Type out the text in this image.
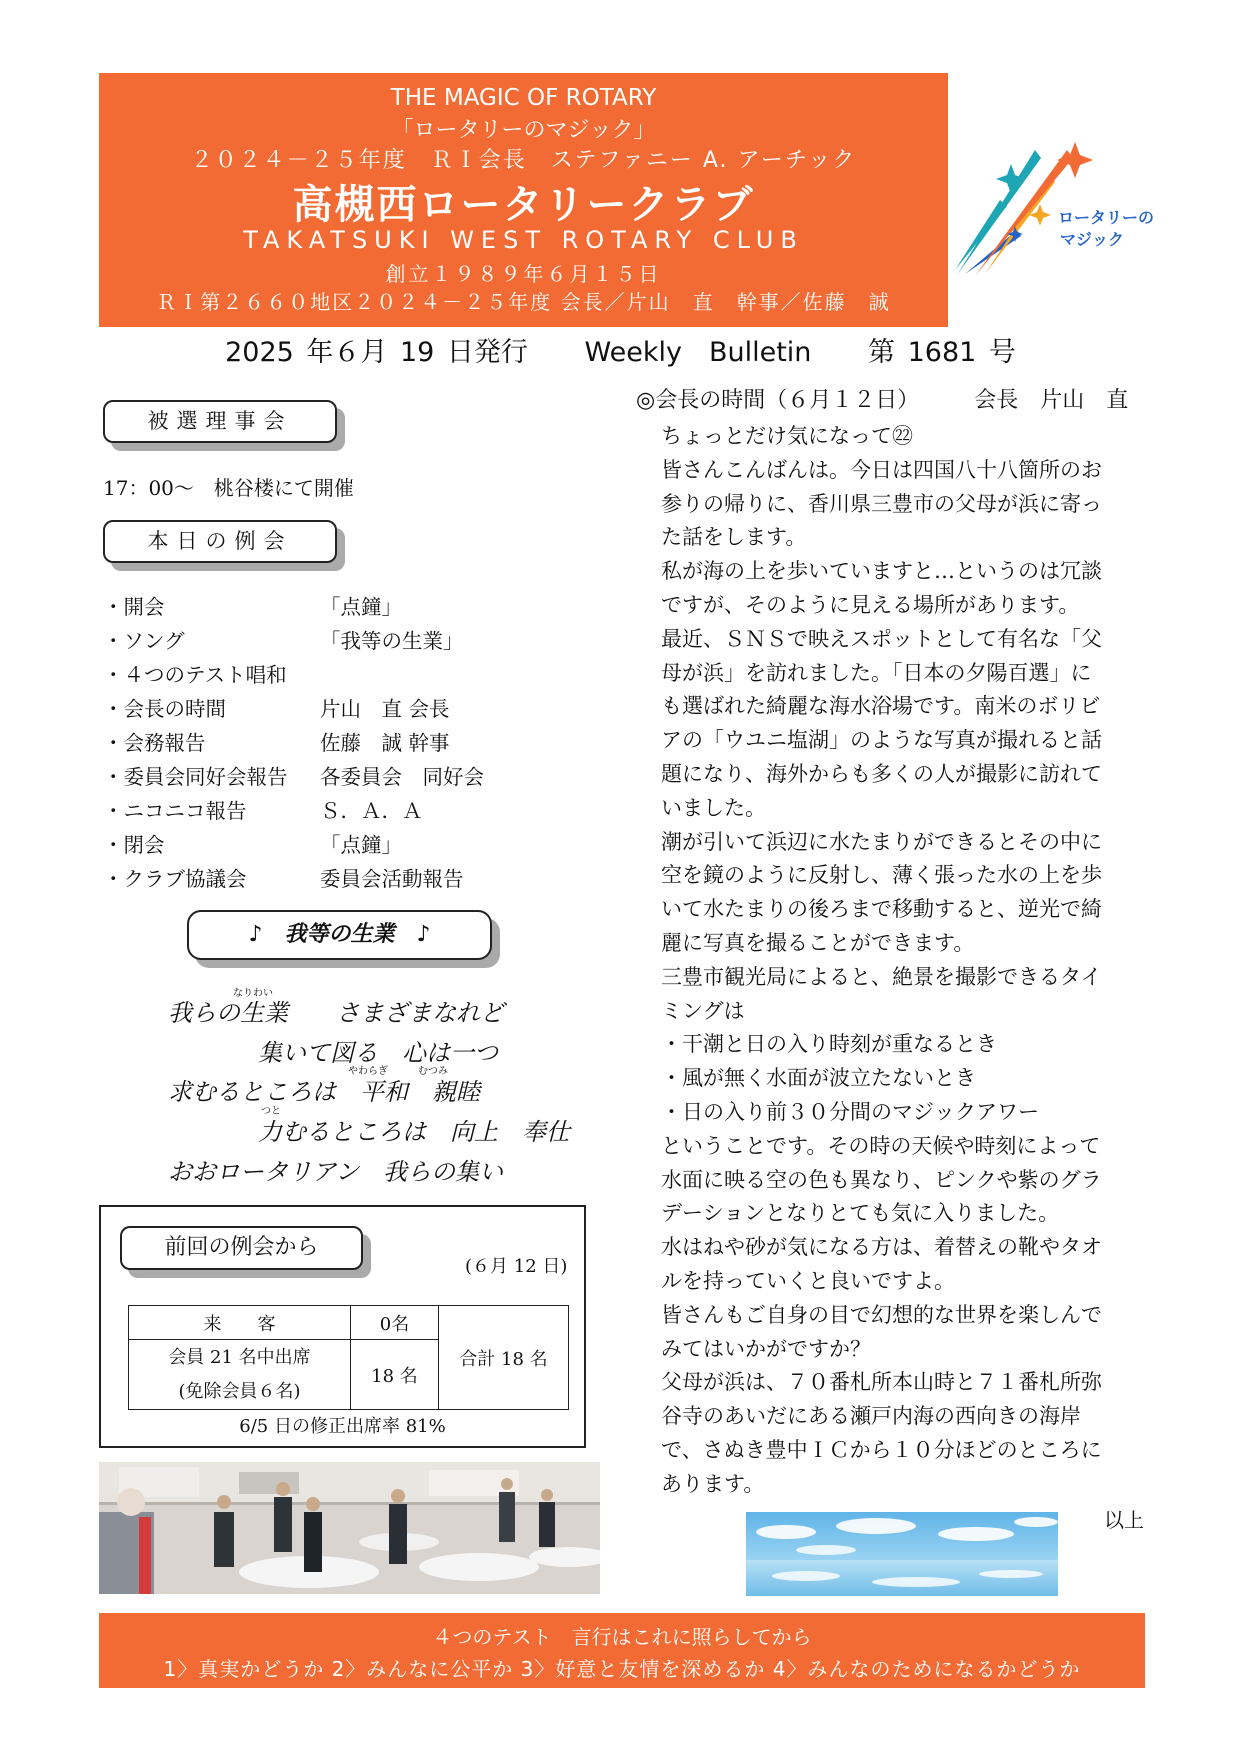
THE MAGIC OF ROTARY
「ロータリーのマジック」
２０２４－２５年度　ＲＩ会長　ステファニー A. アーチック
高槻西ロータリークラブ
TAKATSUKI WEST ROTARY CLUB
創立１９８９年６月１５日
ＲＩ第２６６０地区２０２４－２５年度 会長／片山　直　幹事／佐藤　誠
ロータリーの
マジック
2025 年６月 19 日発行 Weekly　Bulletin 第 1681 号
被選理事会
17：00～　桃谷楼にて開催
本日の例会
・開会	「点鐘」
・ソング	「我等の生業」
・４つのテスト唱和
・会長の時間	片山　直 会長
・会務報告	佐藤　誠 幹事
・委員会同好会報告 各委員会　同好会
・ニコニコ報告	Ｓ．Ａ．Ａ
・閉会	「点鐘」
・クラブ協議会	委員会活動報告
♪　我等の生業　♪
なりわい
我らの生業　　さまざまなれど
集いて図る　心は一つ
やわらぎ	むつみ
求むるところは　平和　親睦
つと
力むるところは　向上　奉仕
おおロータリアン　我らの集い
前回の例会から
(６月 12 日)
来　　客	0名	合計 18 名

会員 21 名中出席
(免除会員６名)	18 名	
6/5 日の修正出席率 81%
◎会長の時間（６月１２日）　　　会長　片山　直
ちょっとだけ気になって㉒
皆さんこんばんは。今日は四国八十八箇所のお
参りの帰りに、香川県三豊市の父母が浜に寄っ
た話をします。
私が海の上を歩いていますと…というのは冗談
ですが、そのように見える場所があります。
最近、ＳＮＳで映えスポットとして有名な「父
母が浜」を訪れました。「日本の夕陽百選」に
も選ばれた綺麗な海水浴場です。南米のボリビ
アの「ウユニ塩湖」のような写真が撮れると話
題になり、海外からも多くの人が撮影に訪れて
いました。
潮が引いて浜辺に水たまりができるとその中に
空を鏡のように反射し、薄く張った水の上を歩
いて水たまりの後ろまで移動すると、逆光で綺
麗に写真を撮ることができます。
三豊市観光局によると、絶景を撮影できるタイ
ミングは
・干潮と日の入り時刻が重なるとき
・風が無く水面が波立たないとき
・日の入り前３０分間のマジックアワー
ということです。その時の天候や時刻によって
水面に映る空の色も異なり、ピンクや紫のグラ
デーションとなりとても気に入りました。
水はねや砂が気になる方は、着替えの靴やタオ
ルを持っていくと良いですよ。
皆さんもご自身の目で幻想的な世界を楽しんで
みてはいかがですか？
父母が浜は、７０番札所本山時と７１番札所弥
谷寺のあいだにある瀬戸内海の西向きの海岸
で、さぬき豊中ＩＣから１０分ほどのところに
あります。
以上
４つのテスト　言行はこれに照らしてから
1〉真実かどうか 2〉みんなに公平か 3〉好意と友情を深めるか 4〉みんなのためになるかどうか
